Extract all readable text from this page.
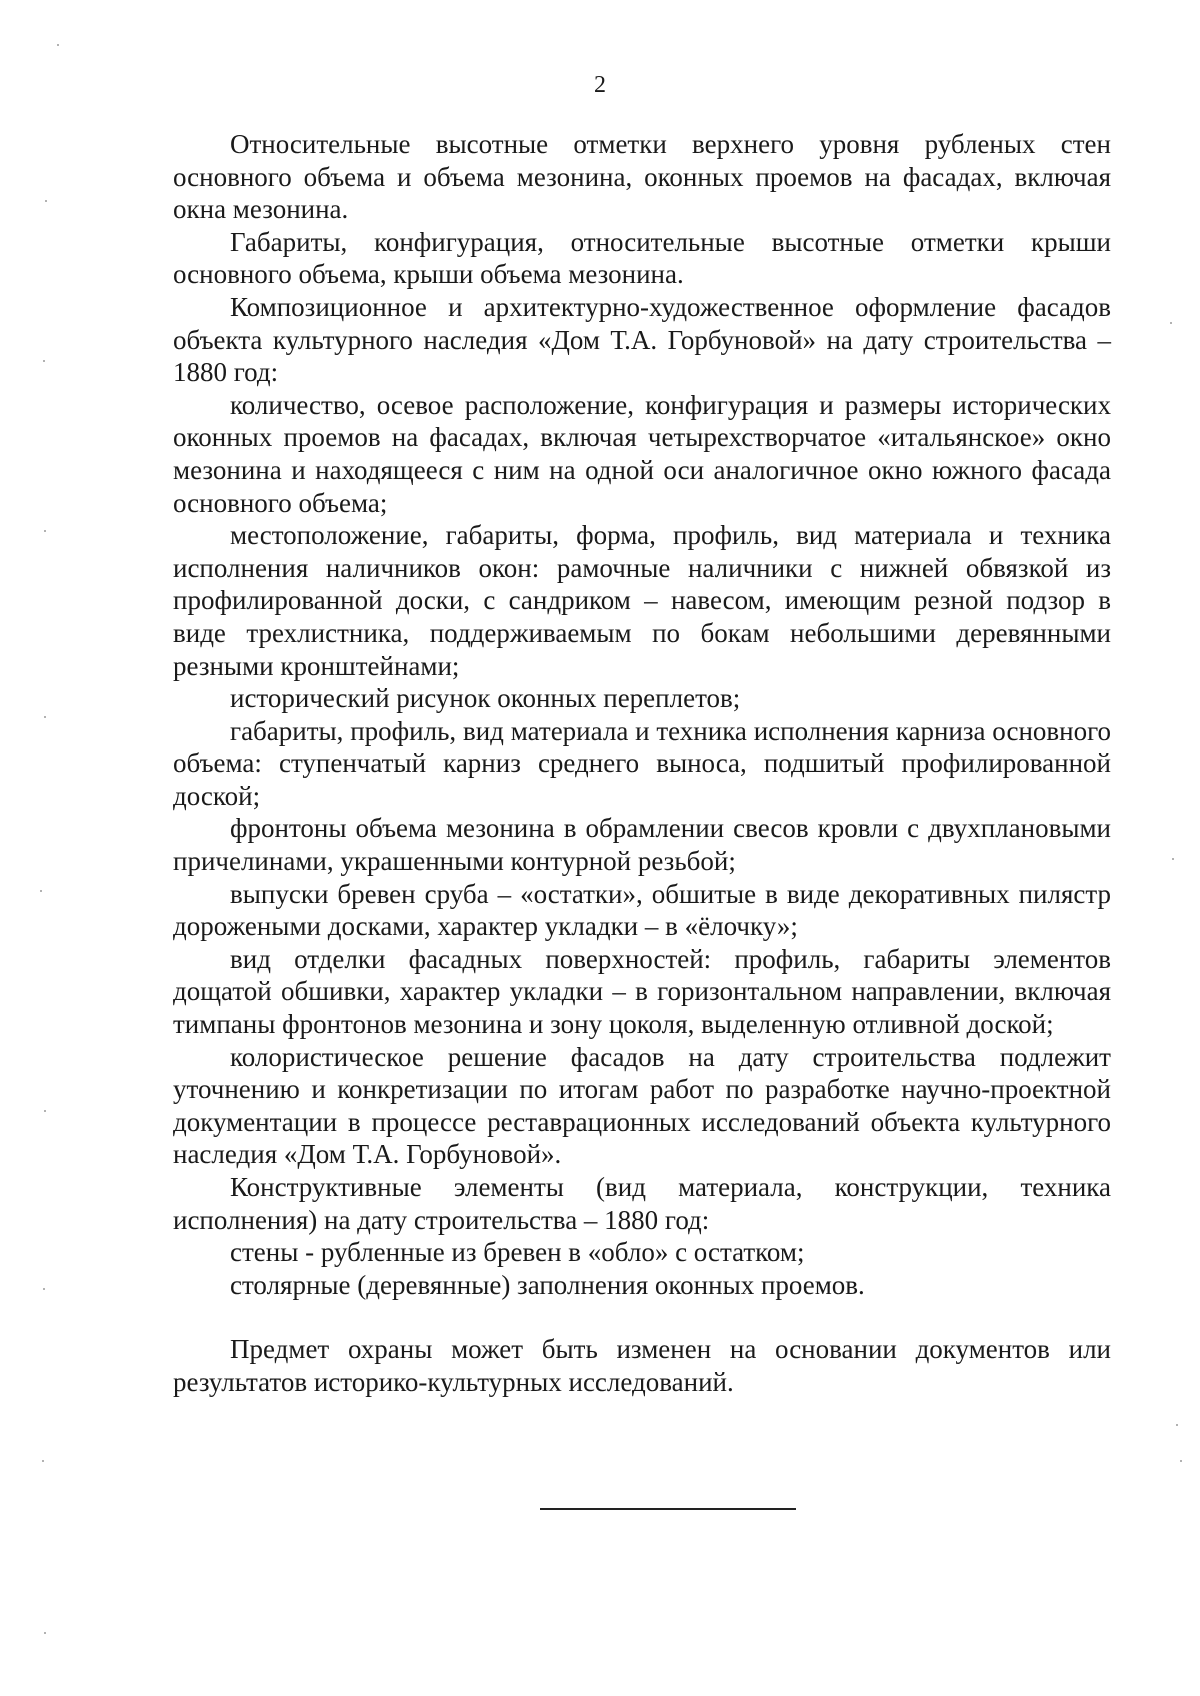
2

Относительные высотные отметки верхнего уровня рубленых стен основного объема и объема мезонина, оконных проемов на фасадах, включая окна мезонина.

Габариты, конфигурация, относительные высотные отметки крыши основного объема, крыши объема мезонина.

Композиционное и архитектурно-художественное оформление фасадов объекта культурного наследия «Дом Т.А. Горбуновой» на дату строительства – 1880 год:

количество, осевое расположение, конфигурация и размеры исторических оконных проемов на фасадах, включая четырехстворчатое «итальянское» окно мезонина и находящееся с ним на одной оси аналогичное окно южного фасада основного объема;

местоположение, габариты, форма, профиль, вид материала и техника исполнения наличников окон: рамочные наличники с нижней обвязкой из профилированной доски, с сандриком – навесом, имеющим резной подзор в виде трехлистника, поддерживаемым по бокам небольшими деревянными резными кронштейнами;

исторический рисунок оконных переплетов;

габариты, профиль, вид материала и техника исполнения карниза основного объема: ступенчатый карниз среднего выноса, подшитый профилированной доской;

фронтоны объема мезонина в обрамлении свесов кровли с двухплановыми причелинами, украшенными контурной резьбой;

выпуски бревен сруба – «остатки», обшитые в виде декоративных пилястр дорожеными досками, характер укладки – в «ёлочку»;

вид отделки фасадных поверхностей: профиль, габариты элементов дощатой обшивки, характер укладки – в горизонтальном направлении, включая тимпаны фронтонов мезонина и зону цоколя, выделенную отливной доской;

колористическое решение фасадов на дату строительства подлежит уточнению и конкретизации по итогам работ по разработке научно-проектной документации в процессе реставрационных исследований объекта культурного наследия «Дом Т.А. Горбуновой».

Конструктивные элементы (вид материала, конструкции, техника исполнения) на дату строительства – 1880 год:

стены - рубленные из бревен в «обло» с остатком;

столярные (деревянные) заполнения оконных проемов.

Предмет охраны может быть изменен на основании документов или результатов историко-культурных исследований.
